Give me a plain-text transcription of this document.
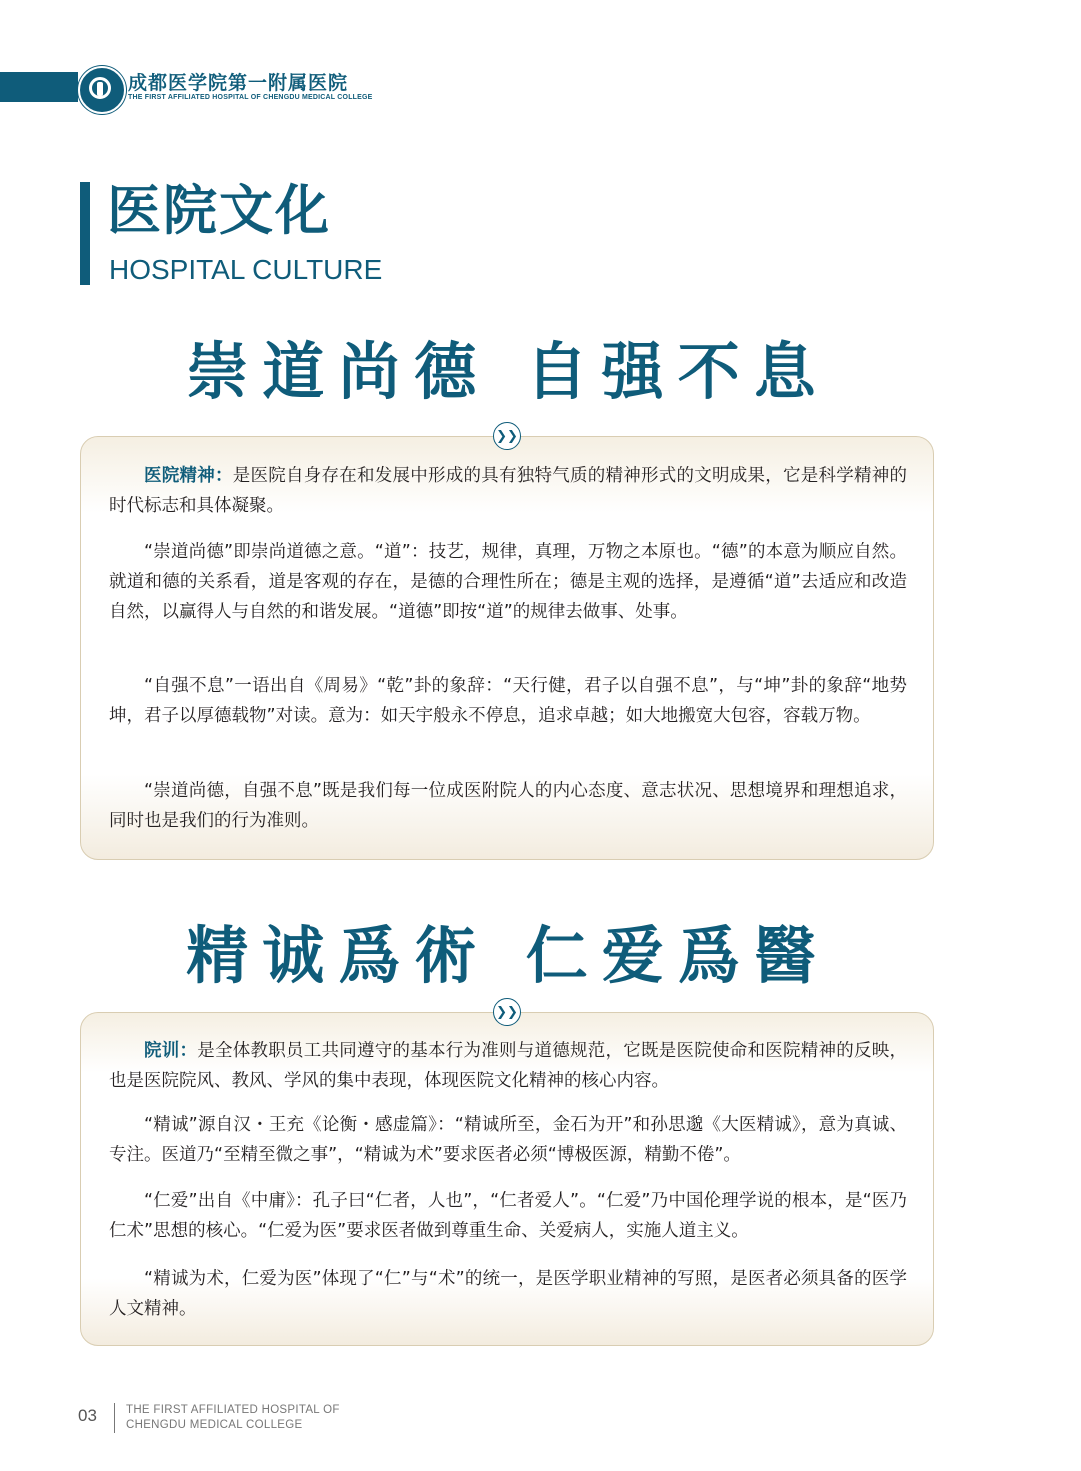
成都医学院第一附属医院
THE FIRST AFFILIATED HOSPITAL OF CHENGDU MEDICAL COLLEGE
医院文化
HOSPITAL CULTURE
崇道尚德 自强不息
❯❯

医院精神：是医院自身存在和发展中形成的具有独特气质的精神形式的文明成果，它是科学精神的时代标志和具体凝聚。

“崇道尚德”即崇尚道德之意。“道”：技艺，规律，真理，万物之本原也。“德”的本意为顺应自然。就道和德的关系看，道是客观的存在，是德的合理性所在；德是主观的选择，是遵循“道”去适应和改造自然，以赢得人与自然的和谐发展。“道德”即按“道”的规律去做事、处事。

“自强不息”一语出自《周易》“乾”卦的象辞：“天行健，君子以自强不息”，与“坤”卦的象辞“地势坤，君子以厚德载物”对读。意为：如天宇般永不停息，追求卓越；如大地搬宽大包容，容载万物。

“崇道尚德，自强不息”既是我们每一位成医附院人的内心态度、意志状况、思想境界和理想追求，同时也是我们的行为准则。

精诚爲術 仁爱爲醫
❯❯

院训：是全体教职员工共同遵守的基本行为准则与道德规范，它既是医院使命和医院精神的反映，也是医院院风、教风、学风的集中表现，体现医院文化精神的核心内容。

“精诚”源自汉・王充《论衡・感虚篇》：“精诚所至，金石为开”和孙思邈《大医精诚》，意为真诚、专注。医道乃“至精至微之事”，“精诚为术”要求医者必须“博极医源，精勤不倦”。

“仁爱”出自《中庸》：孔子曰“仁者，人也”，“仁者爱人”。“仁爱”乃中国伦理学说的根本，是“医乃仁术”思想的核心。“仁爱为医”要求医者做到尊重生命、关爱病人，实施人道主义。

“精诚为术，仁爱为医”体现了“仁”与“术”的统一，是医学职业精神的写照，是医者必须具备的医学人文精神。

03	THE FIRST AFFILIATED HOSPITAL OF
CHENGDU MEDICAL COLLEGE
